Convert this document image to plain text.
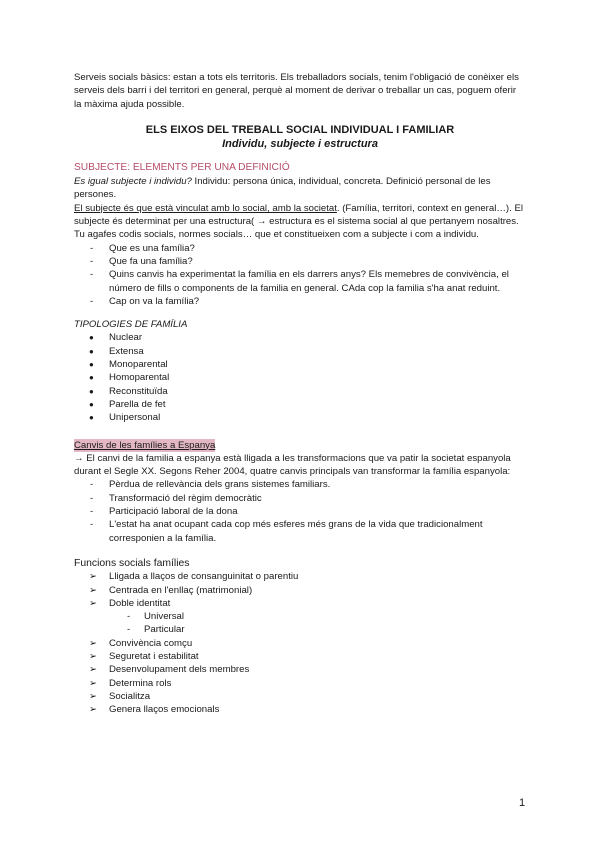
Serveis socials bàsics: estan a tots els territoris. Els treballadors socials, tenim l'obligació de conèixer els serveis dels barri i del territori en general, perquè al moment de derivar o treballar un cas, poguem oferir la màxima ajuda possible.

ELS EIXOS DEL TREBALL SOCIAL INDIVIDUAL I FAMILIAR

Individu, subjecte i estructura

SUBJECTE: ELEMENTS PER UNA DEFINICIÓ

Es igual subjecte i individu? Individu: persona única, individual, concreta. Definició personal de les persones.

El subjecte és que està vinculat amb lo social, amb la societat. (Família, territori, context en general…). El subjecte és determinat per una estructura( → estructura es el sistema social al que pertanyem nosaltres. Tu agafes codis socials, normes socials… que et constitueixen com a subjecte i com a individu.

- Que es una família?
- Que fa una família?
- Quins canvis ha experimentat la família en els darrers anys? Els memebres de convivència, el número de fills o components de la familia en general. CAda cop la familia s'ha anat reduint.
- Cap on va la família?

TIPOLOGIES DE FAMÍLIA

● Nuclear
● Extensa
● Monoparental
● Homoparental
● Reconstituïda
● Parella de fet
● Unipersonal

Canvis de les famílies a Espanya

→ El canvi de la familia a espanya està lligada a les transformacions que va patir la societat espanyola durant el Segle XX. Segons Reher 2004, quatre canvis principals van transformar la família espanyola:

- Pèrdua de rellevància dels grans sistemes familiars.
- Transformació del règim democràtic
- Participació laboral de la dona
- L'estat ha anat ocupant cada cop més esferes més grans de la vida que tradicionalment corresponien a la família.

Funcions socials famílies

➢ Lligada a llaços de consanguinitat o parentiu
➢ Centrada en l'enllaç (matrimonial)
➢ Doble identitat
- Universal
- Particular
➢ Convivència comçu
➢ Seguretat i estabilitat
➢ Desenvolupament dels membres
➢ Determina rols
➢ Socialitza
➢ Genera llaços emocionals
1
